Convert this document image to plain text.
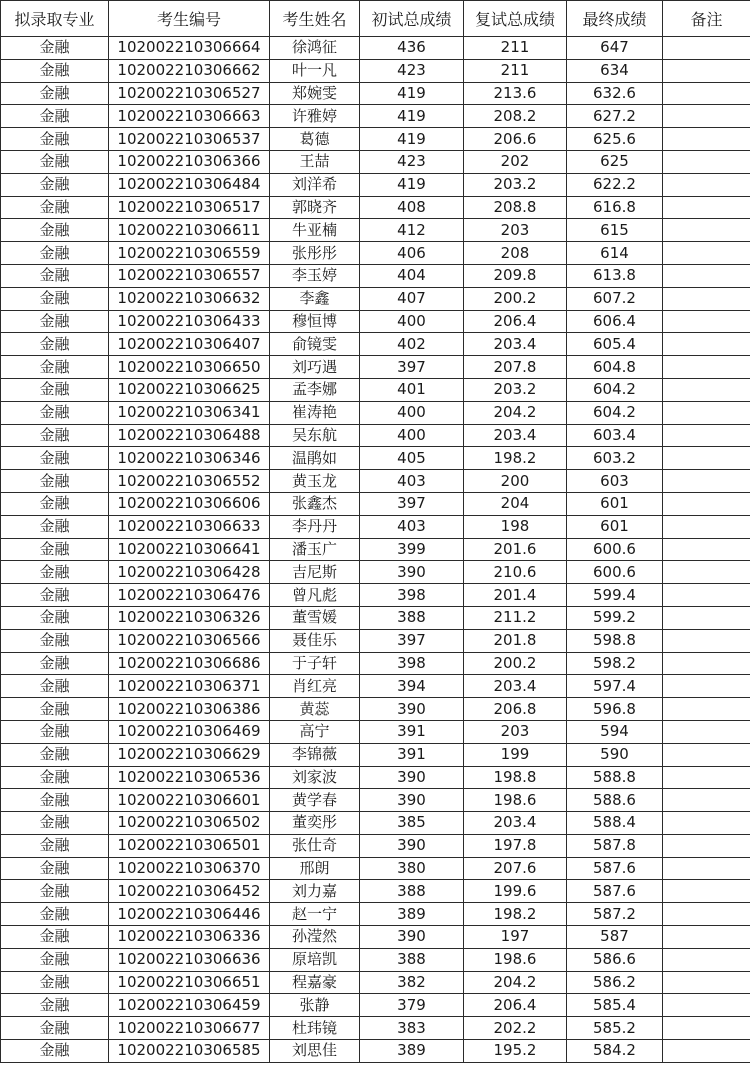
拟录取专业	考生编号	考生姓名	初试总成绩	复试总成绩	最终成绩	备注
金融	102002210306664	徐鸿征	436	211	647	
金融	102002210306662	叶一凡	423	211	634	
金融	102002210306527	郑婉雯	419	213.6	632.6	
金融	102002210306663	许雅婷	419	208.2	627.2	
金融	102002210306537	葛德	419	206.6	625.6	
金融	102002210306366	王喆	423	202	625	
金融	102002210306484	刘洋希	419	203.2	622.2	
金融	102002210306517	郭晓齐	408	208.8	616.8	
金融	102002210306611	牛亚楠	412	203	615	
金融	102002210306559	张彤彤	406	208	614	
金融	102002210306557	李玉婷	404	209.8	613.8	
金融	102002210306632	李鑫	407	200.2	607.2	
金融	102002210306433	穆恒博	400	206.4	606.4	
金融	102002210306407	俞镜雯	402	203.4	605.4	
金融	102002210306650	刘巧遇	397	207.8	604.8	
金融	102002210306625	孟李娜	401	203.2	604.2	
金融	102002210306341	崔涛艳	400	204.2	604.2	
金融	102002210306488	吴东航	400	203.4	603.4	
金融	102002210306346	温鹃如	405	198.2	603.2	
金融	102002210306552	黄玉龙	403	200	603	
金融	102002210306606	张鑫杰	397	204	601	
金融	102002210306633	李丹丹	403	198	601	
金融	102002210306641	潘玉广	399	201.6	600.6	
金融	102002210306428	吉尼斯	390	210.6	600.6	
金融	102002210306476	曾凡彪	398	201.4	599.4	
金融	102002210306326	董雪媛	388	211.2	599.2	
金融	102002210306566	聂佳乐	397	201.8	598.8	
金融	102002210306686	于子轩	398	200.2	598.2	
金融	102002210306371	肖红亮	394	203.4	597.4	
金融	102002210306386	黄蕊	390	206.8	596.8	
金融	102002210306469	高宁	391	203	594	
金融	102002210306629	李锦薇	391	199	590	
金融	102002210306536	刘家波	390	198.8	588.8	
金融	102002210306601	黄学春	390	198.6	588.6	
金融	102002210306502	董奕彤	385	203.4	588.4	
金融	102002210306501	张仕奇	390	197.8	587.8	
金融	102002210306370	邢朗	380	207.6	587.6	
金融	102002210306452	刘力嘉	388	199.6	587.6	
金融	102002210306446	赵一宁	389	198.2	587.2	
金融	102002210306336	孙滢然	390	197	587	
金融	102002210306636	原培凯	388	198.6	586.6	
金融	102002210306651	程嘉豪	382	204.2	586.2	
金融	102002210306459	张静	379	206.4	585.4	
金融	102002210306677	杜玮镜	383	202.2	585.2	
金融	102002210306585	刘思佳	389	195.2	584.2	
